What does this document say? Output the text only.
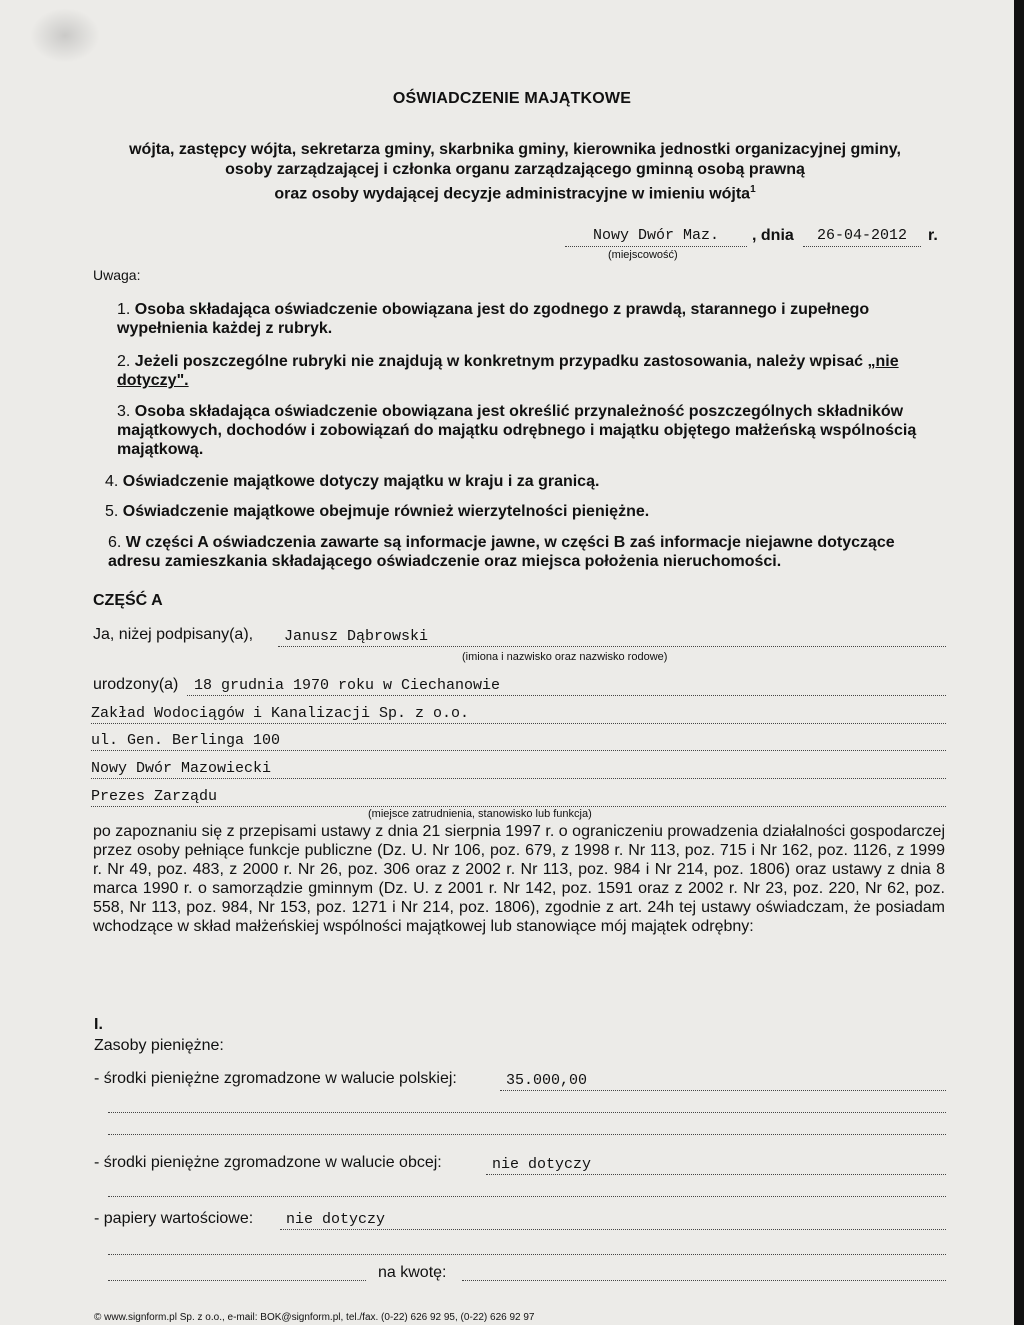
OŚWIADCZENIE MAJĄTKOWE
wójta, zastępcy wójta, sekretarza gminy, skarbnika gminy, kierownika jednostki organizacyjnej gminy,
osoby zarządzającej i członka organu zarządzającego gminną osobą prawną
oraz osoby wydającej decyzje administracyjne w imieniu wójta$^1$
Nowy Dwór Maz.
(miejscowość)
, dnia	26-04-2012	r.
Uwaga:
1. Osoba składająca oświadczenie obowiązana jest do zgodnego z prawdą, starannego i zupełnego wypełnienia każdej z rubryk.
2. Jeżeli poszczególne rubryki nie znajdują w konkretnym przypadku zastosowania, należy wpisać „nie dotyczy".
3. Osoba składająca oświadczenie obowiązana jest określić przynależność poszczególnych składników majątkowych, dochodów i zobowiązań do majątku odrębnego i majątku objętego małżeńską wspólnością majątkową.
4. Oświadczenie majątkowe dotyczy majątku w kraju i za granicą.
5. Oświadczenie majątkowe obejmuje również wierzytelności pieniężne.
6. W części A oświadczenia zawarte są informacje jawne, w części B zaś informacje niejawne dotyczące adresu zamieszkania składającego oświadczenie oraz miejsca położenia nieruchomości.
CZĘŚĆ A
Ja, niżej podpisany(a), Janusz Dąbrowski
(imiona i nazwisko oraz nazwisko rodowe)
urodzony(a) 18 grudnia 1970 roku w Ciechanowie
Zakład Wodociągów i Kanalizacji Sp. z o.o.
ul. Gen. Berlinga 100
Nowy Dwór Mazowiecki
Prezes Zarządu
(miejsce zatrudnienia, stanowisko lub funkcja)
po zapoznaniu się z przepisami ustawy z dnia 21 sierpnia 1997 r. o ograniczeniu prowadzenia działalności gospodarczej przez osoby pełniące funkcje publiczne (Dz. U. Nr 106, poz. 679, z 1998 r. Nr 113, poz. 715 i Nr 162, poz. 1126, z 1999 r. Nr 49, poz. 483, z 2000 r. Nr 26, poz. 306 oraz z 2002 r. Nr 113, poz. 984 i Nr 214, poz. 1806) oraz ustawy z dnia 8 marca 1990 r. o samorządzie gminnym (Dz. U. z 2001 r. Nr 142, poz. 1591 oraz z 2002 r. Nr 23, poz. 220, Nr 62, poz. 558, Nr 113, poz. 984, Nr 153, poz. 1271 i Nr 214, poz. 1806), zgodnie z art. 24h tej ustawy oświadczam, że posiadam wchodzące w skład małżeńskiej wspólności majątkowej lub stanowiące mój majątek odrębny:
I.
Zasoby pieniężne:
- środki pieniężne zgromadzone w walucie polskiej:	35.000,00
- środki pieniężne zgromadzone w walucie obcej:	nie dotyczy
- papiery wartościowe: nie dotyczy
na kwotę:
© www.signform.pl Sp. z o.o., e-mail: BOK@signform.pl, tel./fax. (0-22) 626 92 95, (0-22) 626 92 97
